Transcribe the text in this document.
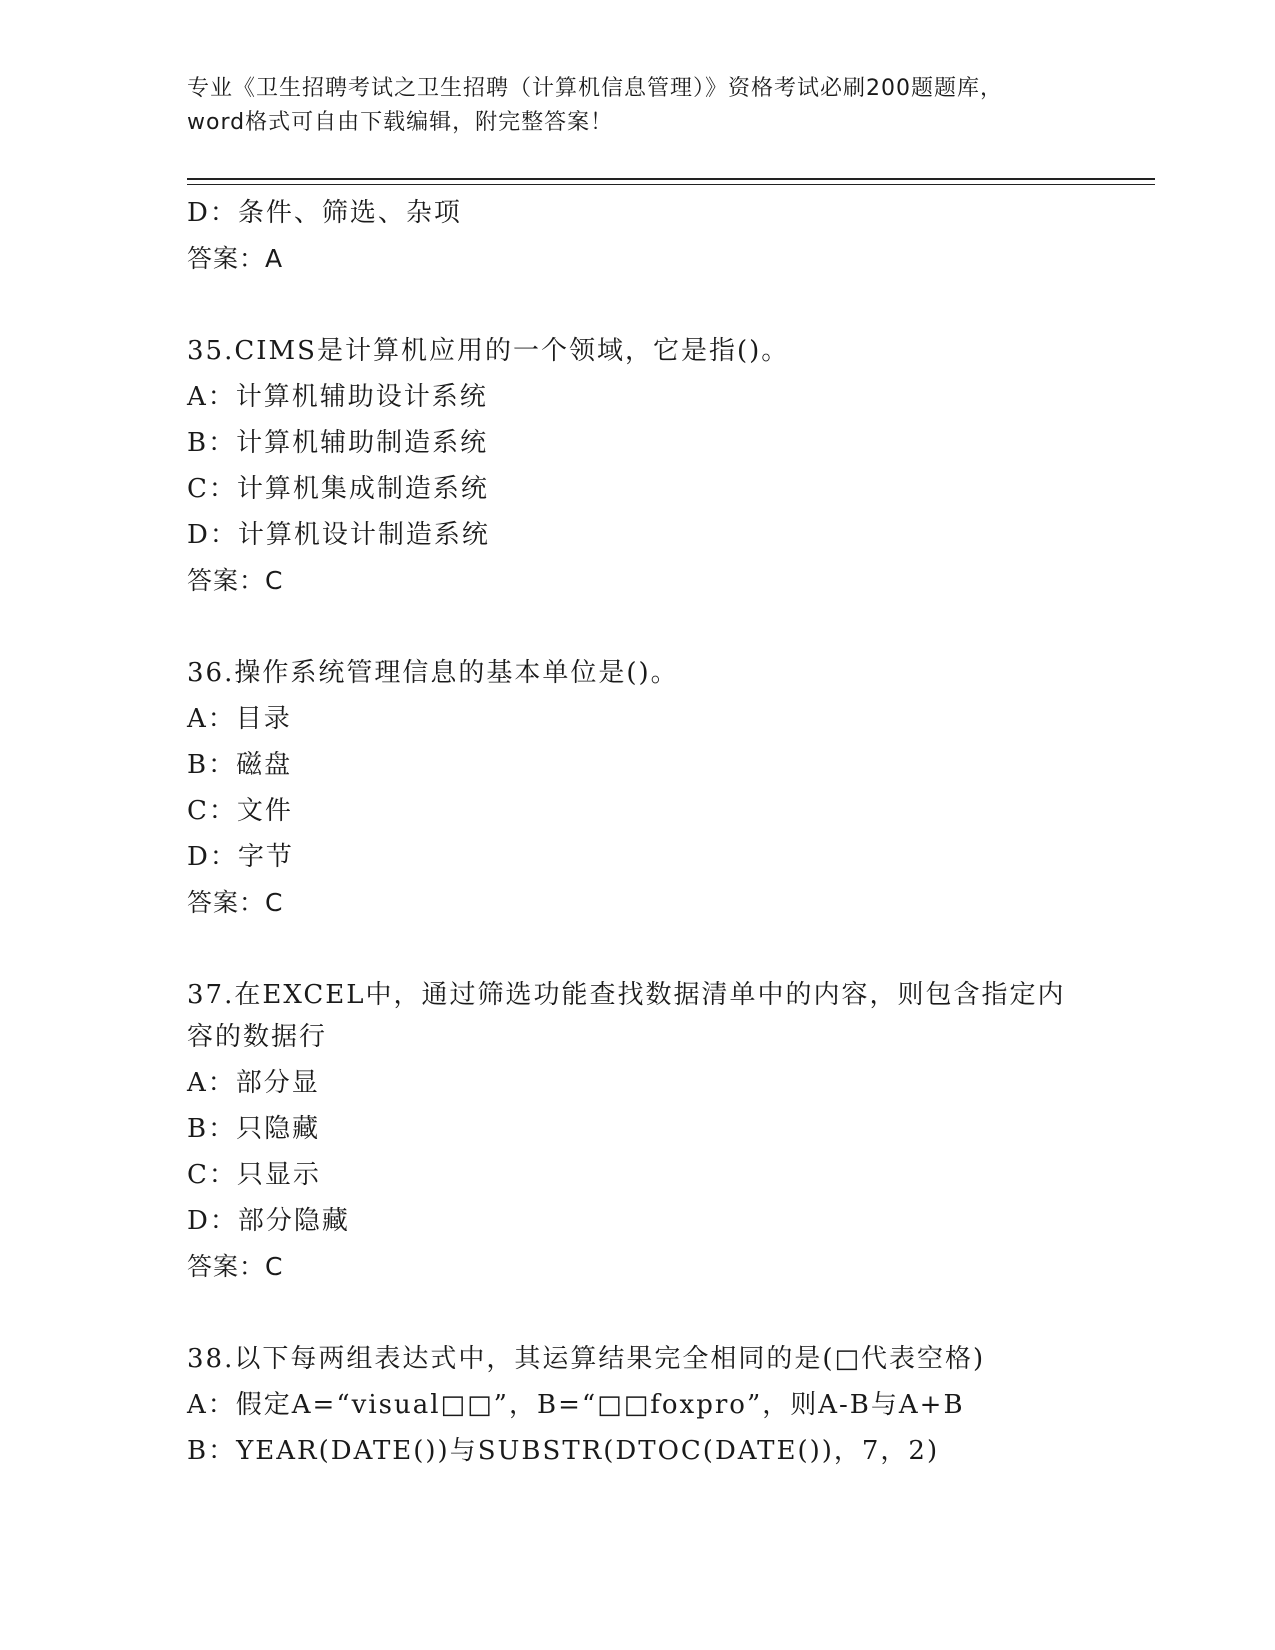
专业《卫生招聘考试之卫生招聘（计算机信息管理）》资格考试必刷200题题库，
word格式可自由下载编辑，附完整答案！
D：条件、筛选、杂项
答案：A
35.CIMS是计算机应用的一个领域，它是指()。
A：计算机辅助设计系统
B：计算机辅助制造系统
C：计算机集成制造系统
D：计算机设计制造系统
答案：C
36.操作系统管理信息的基本单位是()。
A：目录
B：磁盘
C：文件
D：字节
答案：C
37.在EXCEL中，通过筛选功能查找数据清单中的内容，则包含指定内
容的数据行
A：部分显
B：只隐藏
C：只显示
D：部分隐藏
答案：C
38.以下每两组表达式中，其运算结果完全相同的是(□代表空格)
A：假定A=“visual□□”，B=“□□foxpro”，则A-B与A+B
B：YEAR(DATE())与SUBSTR(DTOC(DATE())，7，2)
